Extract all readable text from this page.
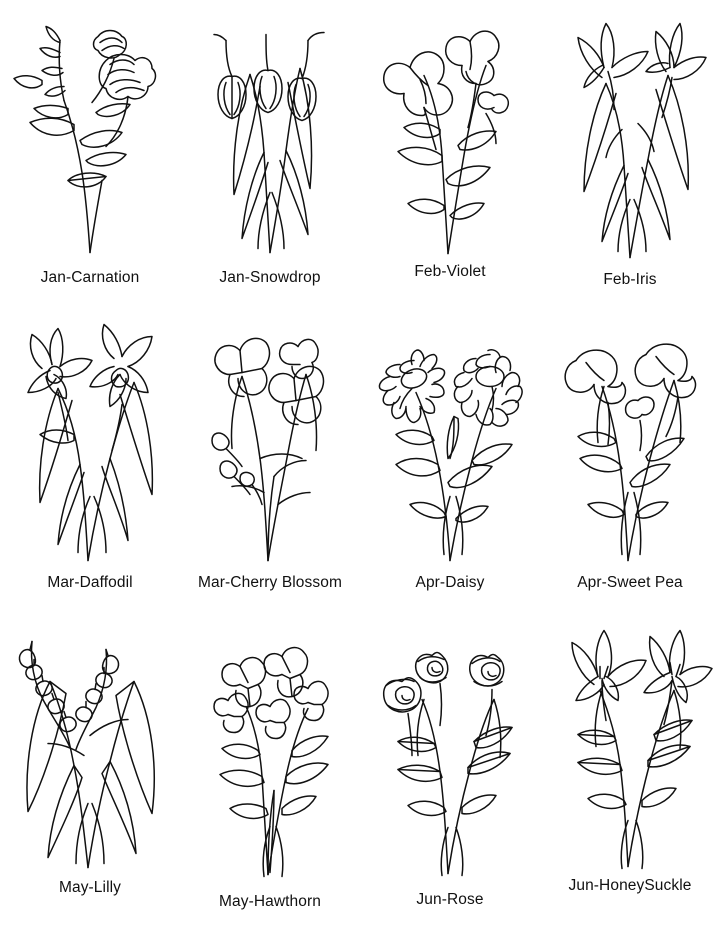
Jan-Carnation	Jan-Snowdrop	Feb-Violet	Feb-Iris
Mar-Daffodil	Mar-Cherry Blossom	Apr-Daisy	Apr-Sweet Pea
May-Lilly
May-Hawthorn	Jun-Rose
Jun-HoneySuckle
